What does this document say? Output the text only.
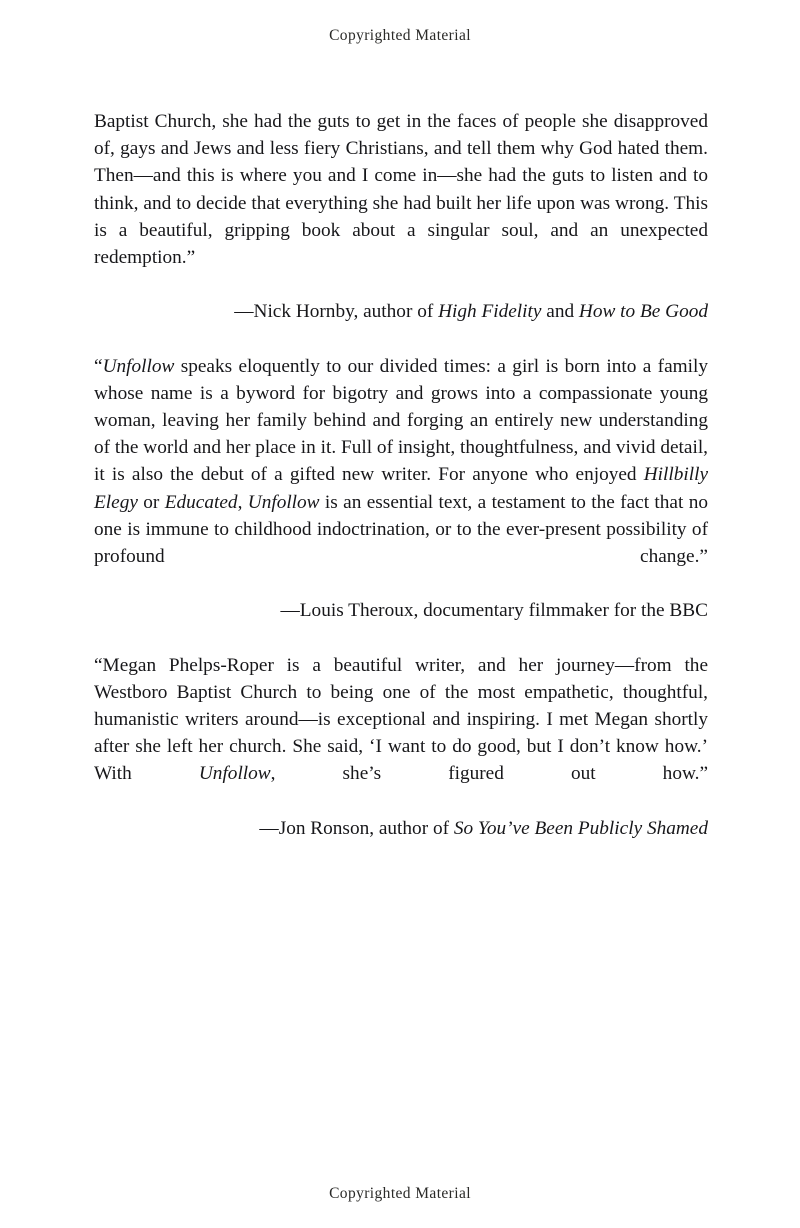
Copyrighted Material

Baptist Church, she had the guts to get in the faces of people she disapproved of, gays and Jews and less fiery Christians, and tell them why God hated them. Then—and this is where you and I come in—she had the guts to listen and to think, and to decide that everything she had built her life upon was wrong. This is a beautiful, gripping book about a singular soul, and an unexpected redemption.”

—Nick Hornby, author of High Fidelity and How to Be Good

“Unfollow speaks eloquently to our divided times: a girl is born into a family whose name is a byword for bigotry and grows into a compassionate young woman, leaving her family behind and forging an entirely new understanding of the world and her place in it. Full of insight, thoughtfulness, and vivid detail, it is also the debut of a gifted new writer. For anyone who enjoyed Hillbilly Elegy or Educated, Unfollow is an essential text, a testament to the fact that no one is immune to childhood indoctrination, or to the ever-present possibility of profound change.”

—Louis Theroux, documentary filmmaker for the BBC

“Megan Phelps-Roper is a beautiful writer, and her journey—from the Westboro Baptist Church to being one of the most empathetic, thoughtful, humanistic writers around—is exceptional and inspiring. I met Megan shortly after she left her church. She said, ‘I want to do good, but I don’t know how.’ With Unfollow, she’s figured out how.”

—Jon Ronson, author of So You’ve Been Publicly Shamed

Copyrighted Material
